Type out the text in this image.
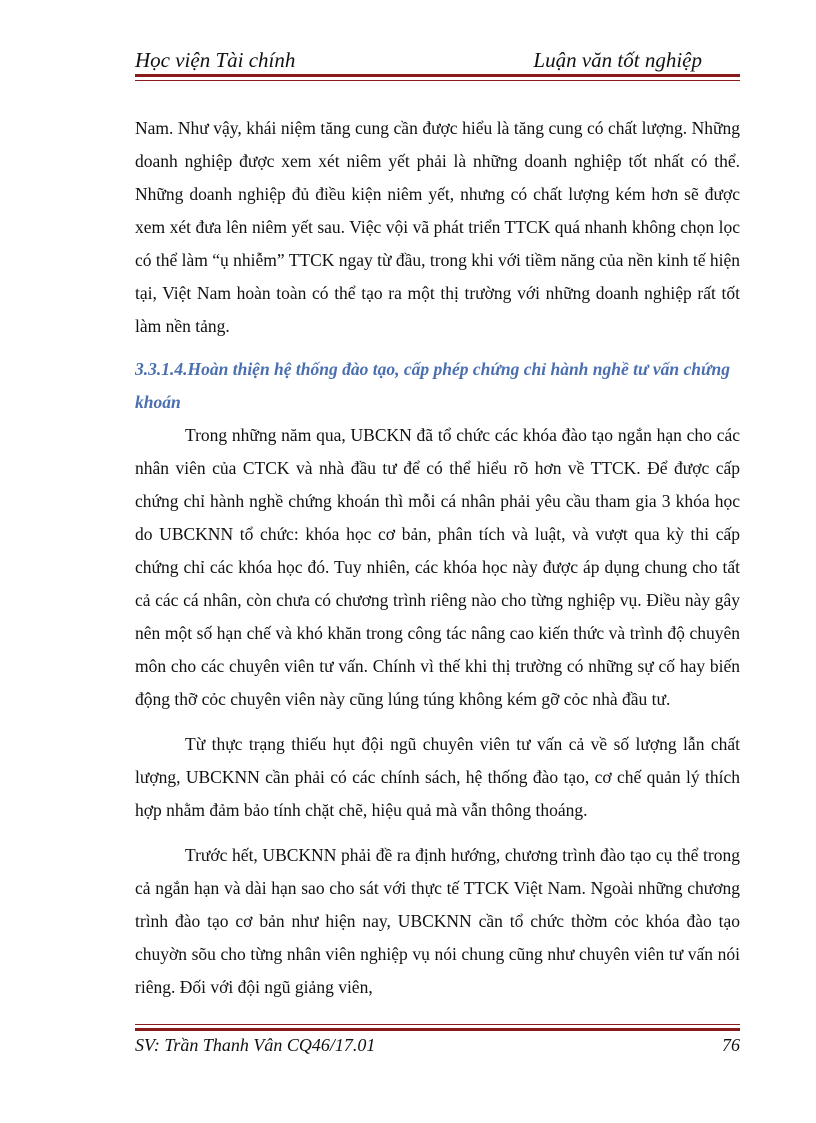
Học viện Tài chính	Luận văn tốt nghiệp

Nam. Như vậy, khái niệm tăng cung cần được hiểu là tăng cung có chất lượng. Những doanh nghiệp được xem xét niêm yết phải là những doanh nghiệp tốt nhất có thể. Những doanh nghiệp đủ điều kiện niêm yết, nhưng có chất lượng kém hơn sẽ được xem xét đưa lên niêm yết sau. Việc vội vã phát triển TTCK quá nhanh không chọn lọc có thể làm “ụ nhiễm” TTCK ngay từ đầu, trong khi với tiềm năng của nền kinh tế hiện tại, Việt Nam hoàn toàn có thể tạo ra một thị trường với những doanh nghiệp rất tốt làm nền tảng.

3.3.1.4.Hoàn thiện hệ thống đào tạo, cấp phép chứng chỉ hành nghề tư vấn chứng khoán

Trong những năm qua, UBCKN đã tổ chức các khóa đào tạo ngắn hạn cho các nhân viên của CTCK và nhà đầu tư để có thể hiểu rõ hơn về TTCK. Để được cấp chứng chỉ hành nghề chứng khoán thì mỗi cá nhân phải yêu cầu tham gia 3 khóa học do UBCKNN tổ chức: khóa học cơ bản, phân tích và luật, và vượt qua kỳ thi cấp chứng chỉ các khóa học đó. Tuy nhiên, các khóa học này được áp dụng chung cho tất cả các cá nhân, còn chưa có chương trình riêng nào cho từng nghiệp vụ. Điều này gây nên một số hạn chế và khó khăn trong công tác nâng cao kiến thức và trình độ chuyên môn cho các chuyên viên tư vấn. Chính vì thế khi thị trường có những sự cố hay biến động thỡ cỏc chuyên viên này cũng lúng túng không kém gỡ cỏc nhà đầu tư.

Từ thực trạng thiếu hụt đội ngũ chuyên viên tư vấn cả về số lượng lẫn chất lượng, UBCKNN cần phải có các chính sách, hệ thống đào tạo, cơ chế quản lý thích hợp nhằm đảm bảo tính chặt chẽ, hiệu quả mà vẫn thông thoáng.

Trước hết, UBCKNN phải đề ra định hướng, chương trình đào tạo cụ thể trong cả ngắn hạn và dài hạn sao cho sát với thực tế TTCK Việt Nam. Ngoài những chương trình đào tạo cơ bản như hiện nay, UBCKNN cần tổ chức thờm cỏc khóa đào tạo chuyờn sõu cho từng nhân viên nghiệp vụ nói chung cũng như chuyên viên tư vấn nói riêng. Đối với đội ngũ giảng viên,

SV: Trần Thanh Vân CQ46/17.01	76
